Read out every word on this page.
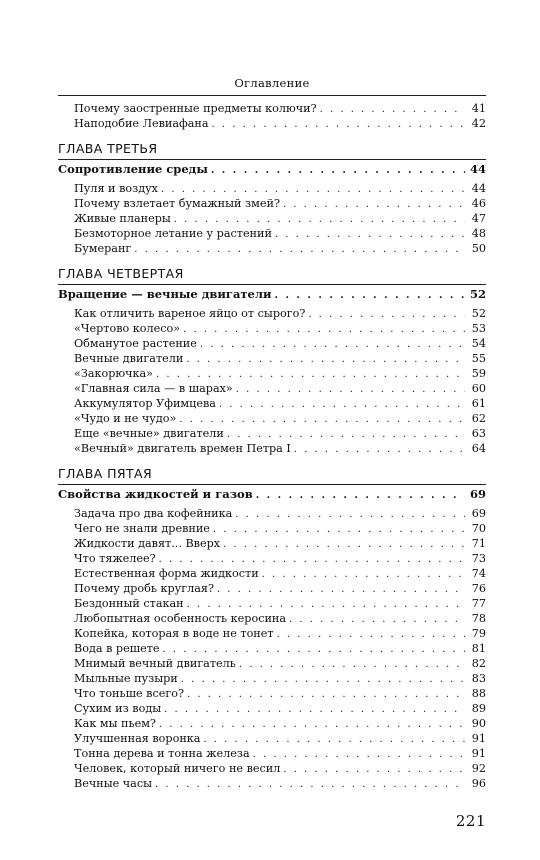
Оглавление
Почему заостренные предметы колючи? . . .	41
Наподобие Левиафана . . .	42
ГЛАВА ТРЕТЬЯ
Сопротивление среды . . .	44
Пуля и воздух . . .	44
Почему взлетает бумажный змей? . . .	46
Живые планеры . . .	47
Безмоторное летание у растений . . .	48
Бумеранг . . .	50
ГЛАВА ЧЕТВЕРТАЯ
Вращение — вечные двигатели . . .	52
Как отличить вареное яйцо от сырого? . . .	52
«Чертово колесо» . . .	53
Обманутое растение . . .	54
Вечные двигатели . . .	55
«Закорючка» . . .	59
«Главная сила — в шарах» . . .	60
Аккумулятор Уфимцева . . .	61
«Чудо и не чудо» . . .	62
Еще «вечные» двигатели . . .	63
«Вечный» двигатель времен Петра I . . .	64
ГЛАВА ПЯТАЯ
Свойства жидкостей и газов . . .	69
Задача про два кофейника . . .	69
Чего не знали древние . . .	70
Жидкости давят... Вверх . . .	71
Что тяжелее? . . .	73
Естественная форма жидкости . . .	74
Почему дробь круглая? . . .	76
Бездонный стакан . . .	77
Любопытная особенность керосина . . .	78
Копейка, которая в воде не тонет . . .	79
Вода в решете . . .	81
Мнимый вечный двигатель . . .	82
Мыльные пузыри . . .	83
Что тоньше всего? . . .	88
Сухим из воды . . .	89
Как мы пьем? . . .	90
Улучшенная воронка . . .	91
Тонна дерева и тонна железа . . .	91
Человек, который ничего не весил . . .	92
Вечные часы . . .	96
221
